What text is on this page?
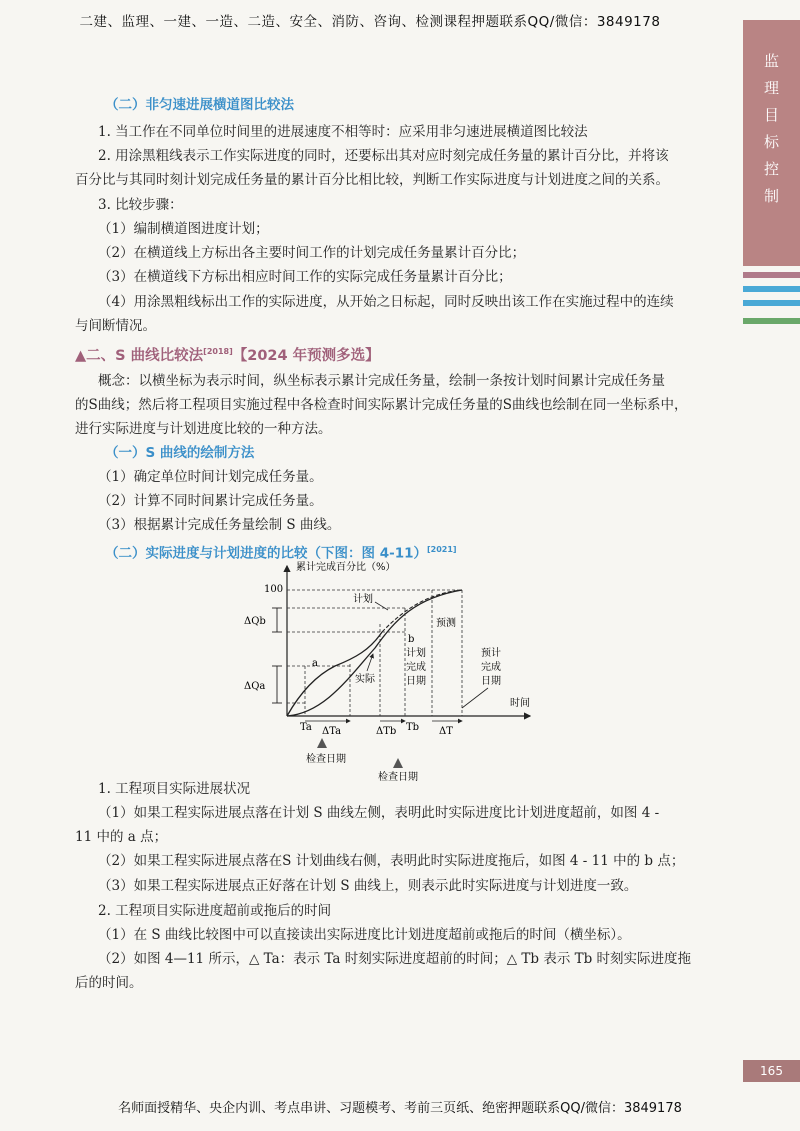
二建、监理、一建、一造、二造、安全、消防、咨询、检测课程押题联系QQ/微信：3849178
监
理
目
标
控
制
（二）非匀速进展横道图比较法
1. 当工作在不同单位时间里的进展速度不相等时：应采用非匀速进展横道图比较法
2. 用涂黑粗线表示工作实际进度的同时，还要标出其对应时刻完成任务量的累计百分比，并将该
百分比与其同时刻计划完成任务量的累计百分比相比较，判断工作实际进度与计划进度之间的关系。
3. 比较步骤：
（1）编制横道图进度计划；
（2）在横道线上方标出各主要时间工作的计划完成任务量累计百分比；
（3）在横道线下方标出相应时间工作的实际完成任务量累计百分比；
（4）用涂黑粗线标出工作的实际进度，从开始之日标起，同时反映出该工作在实施过程中的连续
与间断情况。
▲二、S 曲线比较法[2018]【2024 年预测多选】
概念：以横坐标为表示时间，纵坐标表示累计完成任务量，绘制一条按计划时间累计完成任务量
的S曲线；然后将工程项目实施过程中各检查时间实际累计完成任务量的S曲线也绘制在同一坐标系中，
进行实际进度与计划进度比较的一种方法。
（一）S 曲线的绘制方法
（1）确定单位时间计划完成任务量。
（2）计算不同时间累计完成任务量。
（3）根据累计完成任务量绘制 S 曲线。
（二）实际进度与计划进度的比较（下图：图 4-11）[2021]
累计完成百分比（%）
100
时间
ΔQb
ΔQa
计划
实际
预测
a
b
计划
完成
日期
预计
完成
日期
Ta ΔTa	ΔTb Tb ΔT
检查日期
检查日期
1. 工程项目实际进展状况
（1）如果工程实际进展点落在计划 S 曲线左侧，表明此时实际进度比计划进度超前，如图 4 -
11 中的 a 点；
（2）如果工程实际进展点落在S 计划曲线右侧，表明此时实际进度拖后，如图 4 - 11 中的 b 点；
（3）如果工程实际进展点正好落在计划 S 曲线上，则表示此时实际进度与计划进度一致。
2. 工程项目实际进度超前或拖后的时间
（1）在 S 曲线比较图中可以直接读出实际进度比计划进度超前或拖后的时间（横坐标）。
（2）如图 4—11 所示，△ Ta：表示 Ta 时刻实际进度超前的时间；△ Tb 表示 Tb 时刻实际进度拖
后的时间。
165
名师面授精华、央企内训、考点串讲、习题模考、考前三页纸、绝密押题联系QQ/微信：3849178
